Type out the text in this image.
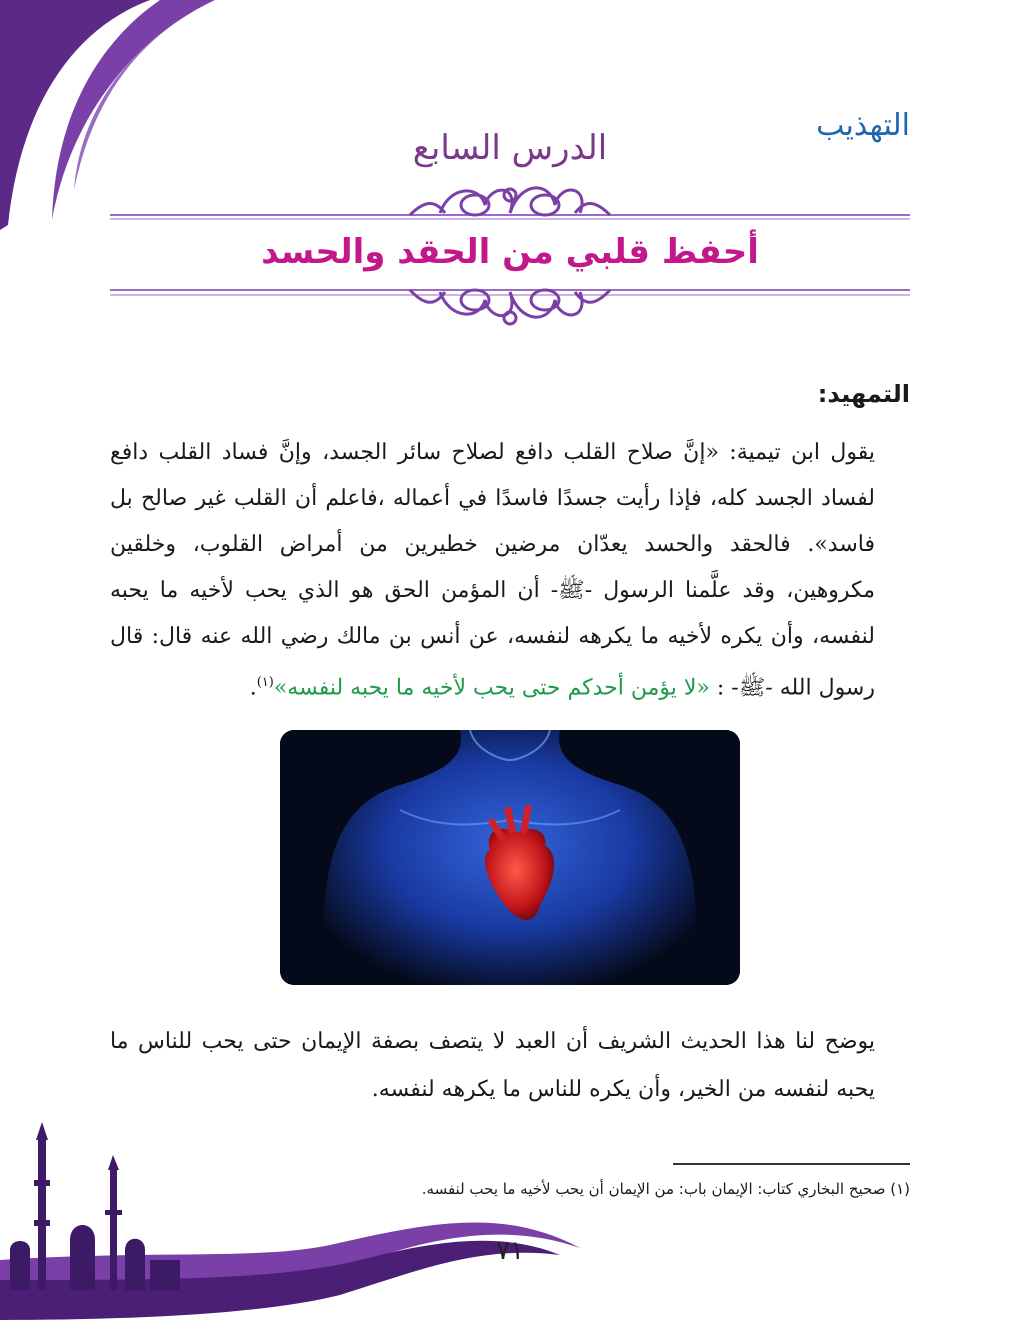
التهذيب
الدرس السابع
أحفظ قلبي من الحقد والحسد
التمهيد:
يقول ابن تيمية: «إنَّ صلاح القلب دافع لصلاح سائر الجسد، وإنَّ فساد القلب دافع لفساد الجسد كله، فإذا رأيت جسدًا فاسدًا في أعماله ،فاعلم أن القلب غير صالح بل فاسد». فالحقد والحسد يعدّان مرضين خطيرين من أمراض القلوب، وخلقين مكروهين، وقد علَّمنا الرسول -ﷺ- أن المؤمن الحق هو الذي يحب لأخيه ما يحبه لنفسه، وأن يكره لأخيه ما يكرهه لنفسه، عن أنس بن مالك رضي الله عنه قال: قال رسول الله -ﷺ- : «لا يؤمن أحدكم حتى يحب لأخيه ما يحبه لنفسه»$^{(١)}$.
يوضح لنا هذا الحديث الشريف أن العبد لا يتصف بصفة الإيمان حتى يحب للناس ما يحبه لنفسه من الخير، وأن يكره للناس ما يكرهه لنفسه.
(١) صحيح البخاري كتاب: الإيمان باب: من الإيمان أن يحب لأخيه ما يحب لنفسه.
٧١
